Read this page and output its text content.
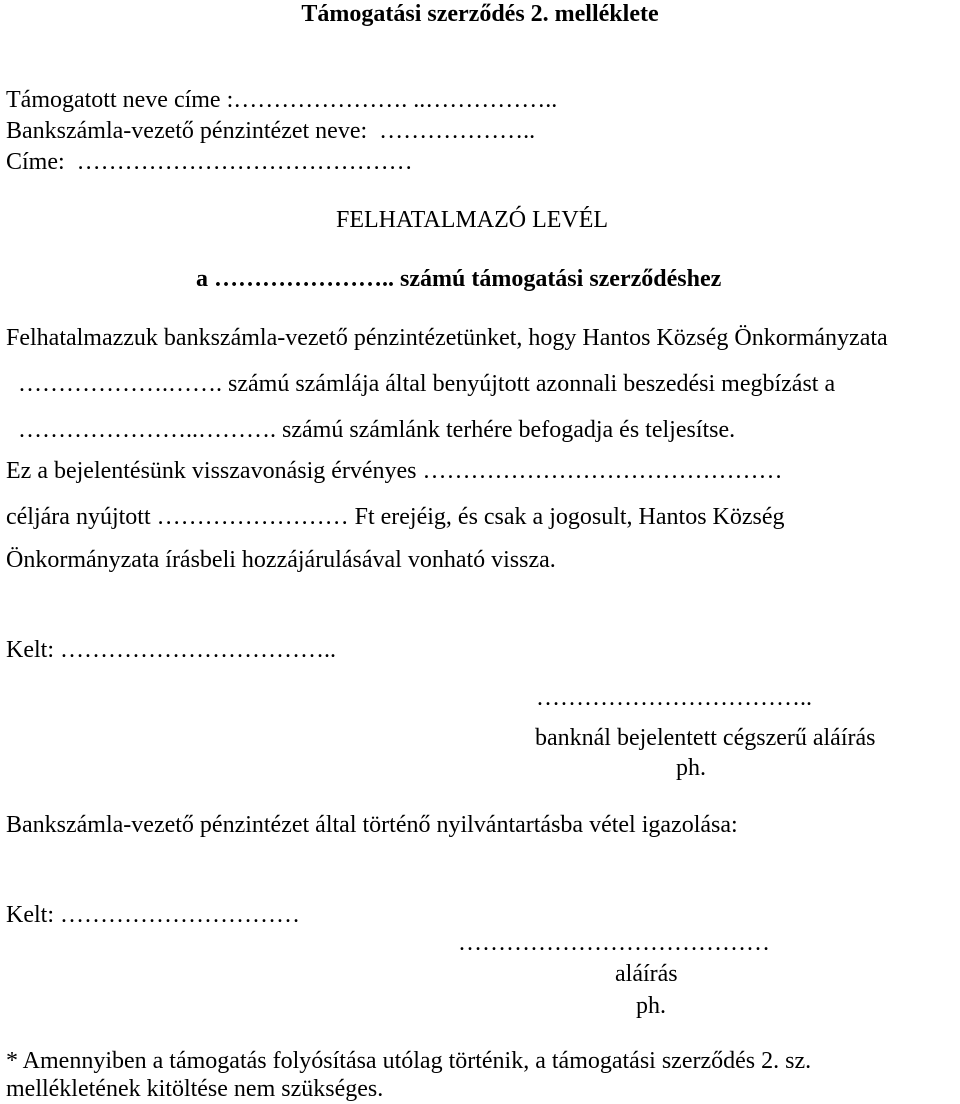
Támogatási szerződés 2. melléklete
Támogatott neve címe :…………………. ..……………..
Bankszámla-vezető pénzintézet neve:  ………………..
Címe:  ……………………………………
FELHATALMAZÓ LEVÉL
a ………………….. számú támogatási szerződéshez
Felhatalmazzuk bankszámla-vezető pénzintézetünket, hogy Hantos Község Önkormányzata
……………….……. számú számlája által benyújtott azonnali beszedési megbízást a
…………………..………. számú számlánk terhére befogadja és teljesítse.
Ez a bejelentésünk visszavonásig érvényes ………………………………………
céljára nyújtott …………………… Ft erejéig, és csak a jogosult, Hantos Község
Önkormányzata írásbeli hozzájárulásával vonható vissza.
Kelt: ……………………………..
……………………………..
banknál bejelentett cégszerű aláírás
ph.
Bankszámla-vezető pénzintézet által történő nyilvántartásba vétel igazolása:
Kelt: …………………………
…………………………………
aláírás
ph.
* Amennyiben a támogatás folyósítása utólag történik, a támogatási szerződés 2. sz.
mellékletének kitöltése nem szükséges.
